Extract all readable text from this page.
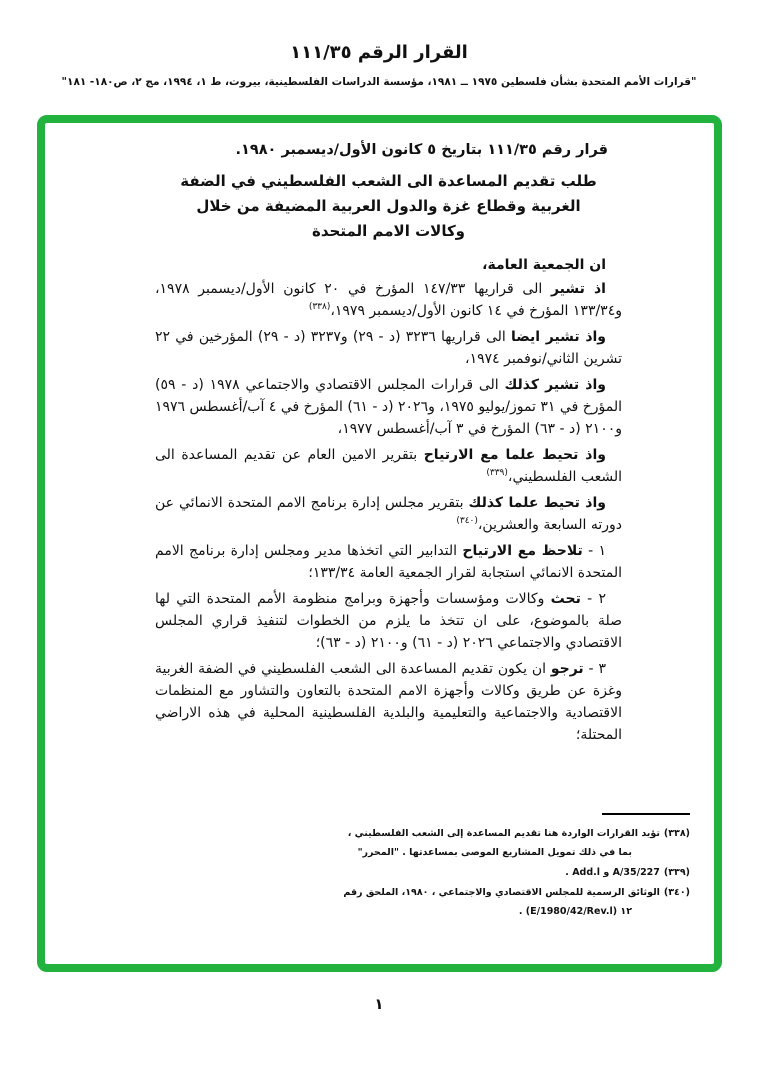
القرار الرقم ١١١/٣٥
"قرارات الأمم المتحدة بشأن فلسطين ١٩٧٥ ــ ١٩٨١، مؤسسة الدراسات الفلسطينية، بيروت، ط ١، ١٩٩٤، مج ٢، ص١٨٠- ١٨١"

قرار رقم ١١١/٣٥ بتاريخ ٥ كانون الأول/ديسمبر ١٩٨٠.

طلب تقديم المساعدة الى الشعب الفلسطيني في الضفة
الغربية وقطاع غزة والدول العربية المضيفة من خلال
وكالات الامم المتحدة

ان الجمعية العامة،

اذ تشير الى قراريها ١٤٧/٣٣ المؤرخ في ٢٠ كانون الأول/ديسمبر ١٩٧٨، و١٣٣/٣٤ المؤرخ في ١٤ كانون الأول/ديسمبر ١٩٧٩،$^{(٣٣٨)}$

واذ تشير ايضا الى قراريها ٣٢٣٦ (د - ٢٩) و٣٢٣٧ (د - ٢٩) المؤرخين في ٢٢ تشرين الثاني/نوفمبر ١٩٧٤،

واذ تشير كذلك الى قرارات المجلس الاقتصادي والاجتماعي ١٩٧٨ (د - ٥٩) المؤرخ في ٣١ تموز/يوليو ١٩٧٥، و٢٠٢٦ (د - ٦١) المؤرخ في ٤ آب/أغسطس ١٩٧٦ و٢١٠٠ (د - ٦٣) المؤرخ في ٣ آب/أغسطس ١٩٧٧،

واذ تحيط علما مع الارتياح بتقرير الامين العام عن تقديم المساعدة الى الشعب الفلسطيني،$^{(٣٣٩)}$

واذ تحيط علما كذلك بتقرير مجلس إدارة برنامج الامم المتحدة الانمائي عن دورته السابعة والعشرين،$^{(٣٤٠)}$

١ - تلاحظ مع الارتياح التدابير التي اتخذها مدير ومجلس إدارة برنامج الامم المتحدة الانمائي استجابة لقرار الجمعية العامة ١٣٣/٣٤؛

٢ - تحث وكالات ومؤسسات وأجهزة وبرامج منظومة الأمم المتحدة التي لها صلة بالموضوع، على ان تتخذ ما يلزم من الخطوات لتنفيذ قراري المجلس الاقتصادي والاجتماعي ٢٠٢٦ (د - ٦١) و٢١٠٠ (د - ٦٣)؛

٣ - ترجو ان يكون تقديم المساعدة الى الشعب الفلسطيني في الضفة الغربية وغزة عن طريق وكالات وأجهزة الامم المتحدة بالتعاون والتشاور مع المنظمات الاقتصادية والاجتماعية والتعليمية والبلدية الفلسطينية المحلية في هذه الاراضي المحتلة؛

(٣٣٨)تؤيد القرارات الواردة هنا تقديم المساعدة إلى الشعب الفلسطيني ، بما في ذلك تمويل المشاريع الموصى بمساعدتها . "المحرر"
(٣٣٩)A/35/227 و Add.l .
(٣٤٠)الوثائق الرسمية للمجلس الاقتصادي والاجتماعي ، ١٩٨٠، الملحق رقم ١٢ (E/1980/42/Rev.l) .
١
